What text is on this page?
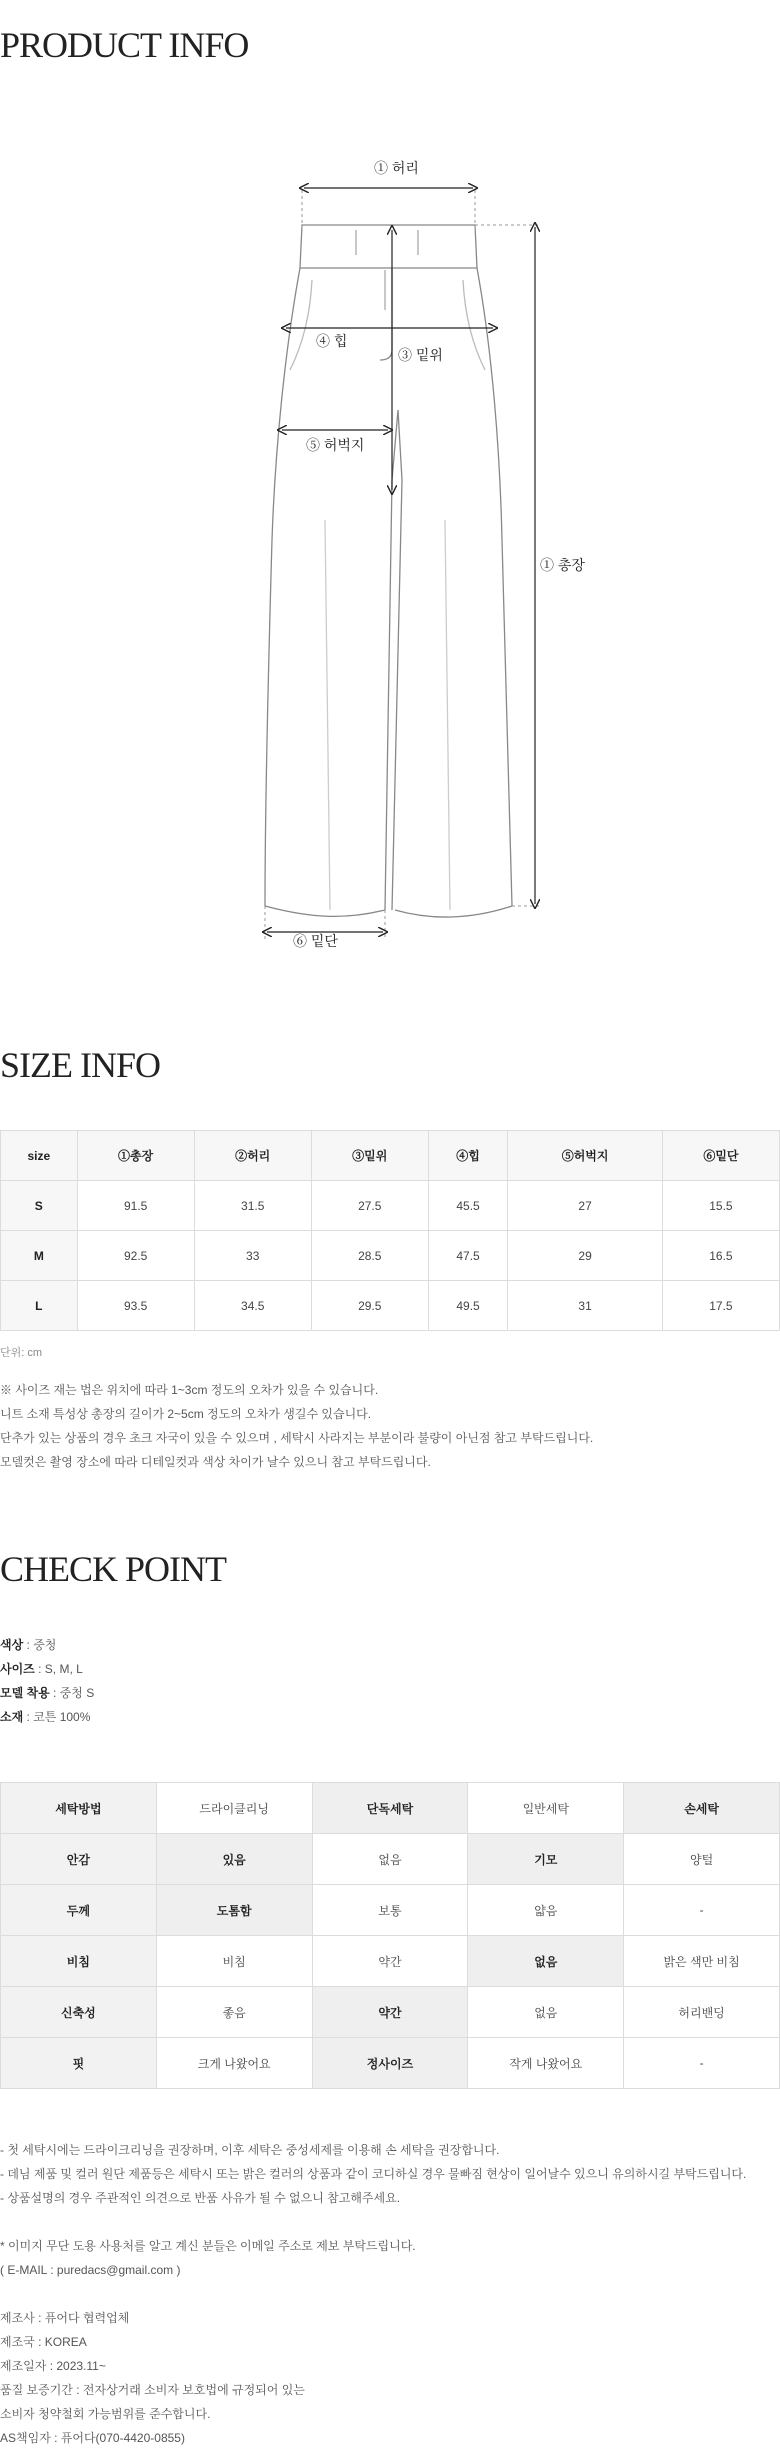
PRODUCT INFO
① 허리
④ 힙
③ 밑위
⑤ 허벅지
① 총장
⑥ 밑단
SIZE INFO
size	①총장	②허리	③밑위	④힙	⑤허벅지	⑥밑단
S	91.5	31.5	27.5	45.5	27	15.5
M	92.5	33	28.5	47.5	29	16.5
L	93.5	34.5	29.5	49.5	31	17.5
단위: cm
※ 사이즈 재는 법은 위치에 따라 1~3cm 정도의 오차가 있을 수 있습니다.
니트 소재 특성상 총장의 길이가 2~5cm 정도의 오차가 생길수 있습니다.
단추가 있는 상품의 경우 초크 자국이 있을 수 있으며 , 세탁시 사라지는 부분이라 불량이 아닌점 참고 부탁드립니다.
모델컷은 촬영 장소에 따라 디테일컷과 색상 차이가 날수 있으니 참고 부탁드립니다.
CHECK POINT
색상 : 중청
사이즈 : S, M, L
모델 착용 : 중청 S
소재 : 코튼 100%
세탁방법	드라이클리닝	단독세탁	일반세탁	손세탁
안감	있음	없음	기모	양털
두께	도톰함	보통	얇음	-
비침	비침	약간	없음	밝은 색만 비침
신축성	좋음	약간	없음	허리밴딩
핏	크게 나왔어요	정사이즈	작게 나왔어요	-
- 첫 세탁시에는 드라이크리닝을 권장하며, 이후 세탁은 중성세제를 이용해 손 세탁을 권장합니다.
- 데님 제품 및 컬러 원단 제품등은 세탁시 또는 밝은 컬러의 상품과 같이 코디하실 경우 물빠짐 현상이 일어날수 있으니 유의하시길 부탁드립니다.
- 상품설명의 경우 주관적인 의견으로 반품 사유가 될 수 없으니 참고해주세요.
* 이미지 무단 도용 사용처를 알고 계신 분들은 이메일 주소로 제보 부탁드립니다.
( E-MAIL : puredacs@gmail.com )
제조사 : 퓨어다 협력업체
제조국 : KOREA
제조일자 : 2023.11~
품질 보증기간 : 전자상거래 소비자 보호법에 규정되어 있는
소비자 청약철회 가능범위를 준수합니다.
AS책임자 : 퓨어다(070-4420-0855)
